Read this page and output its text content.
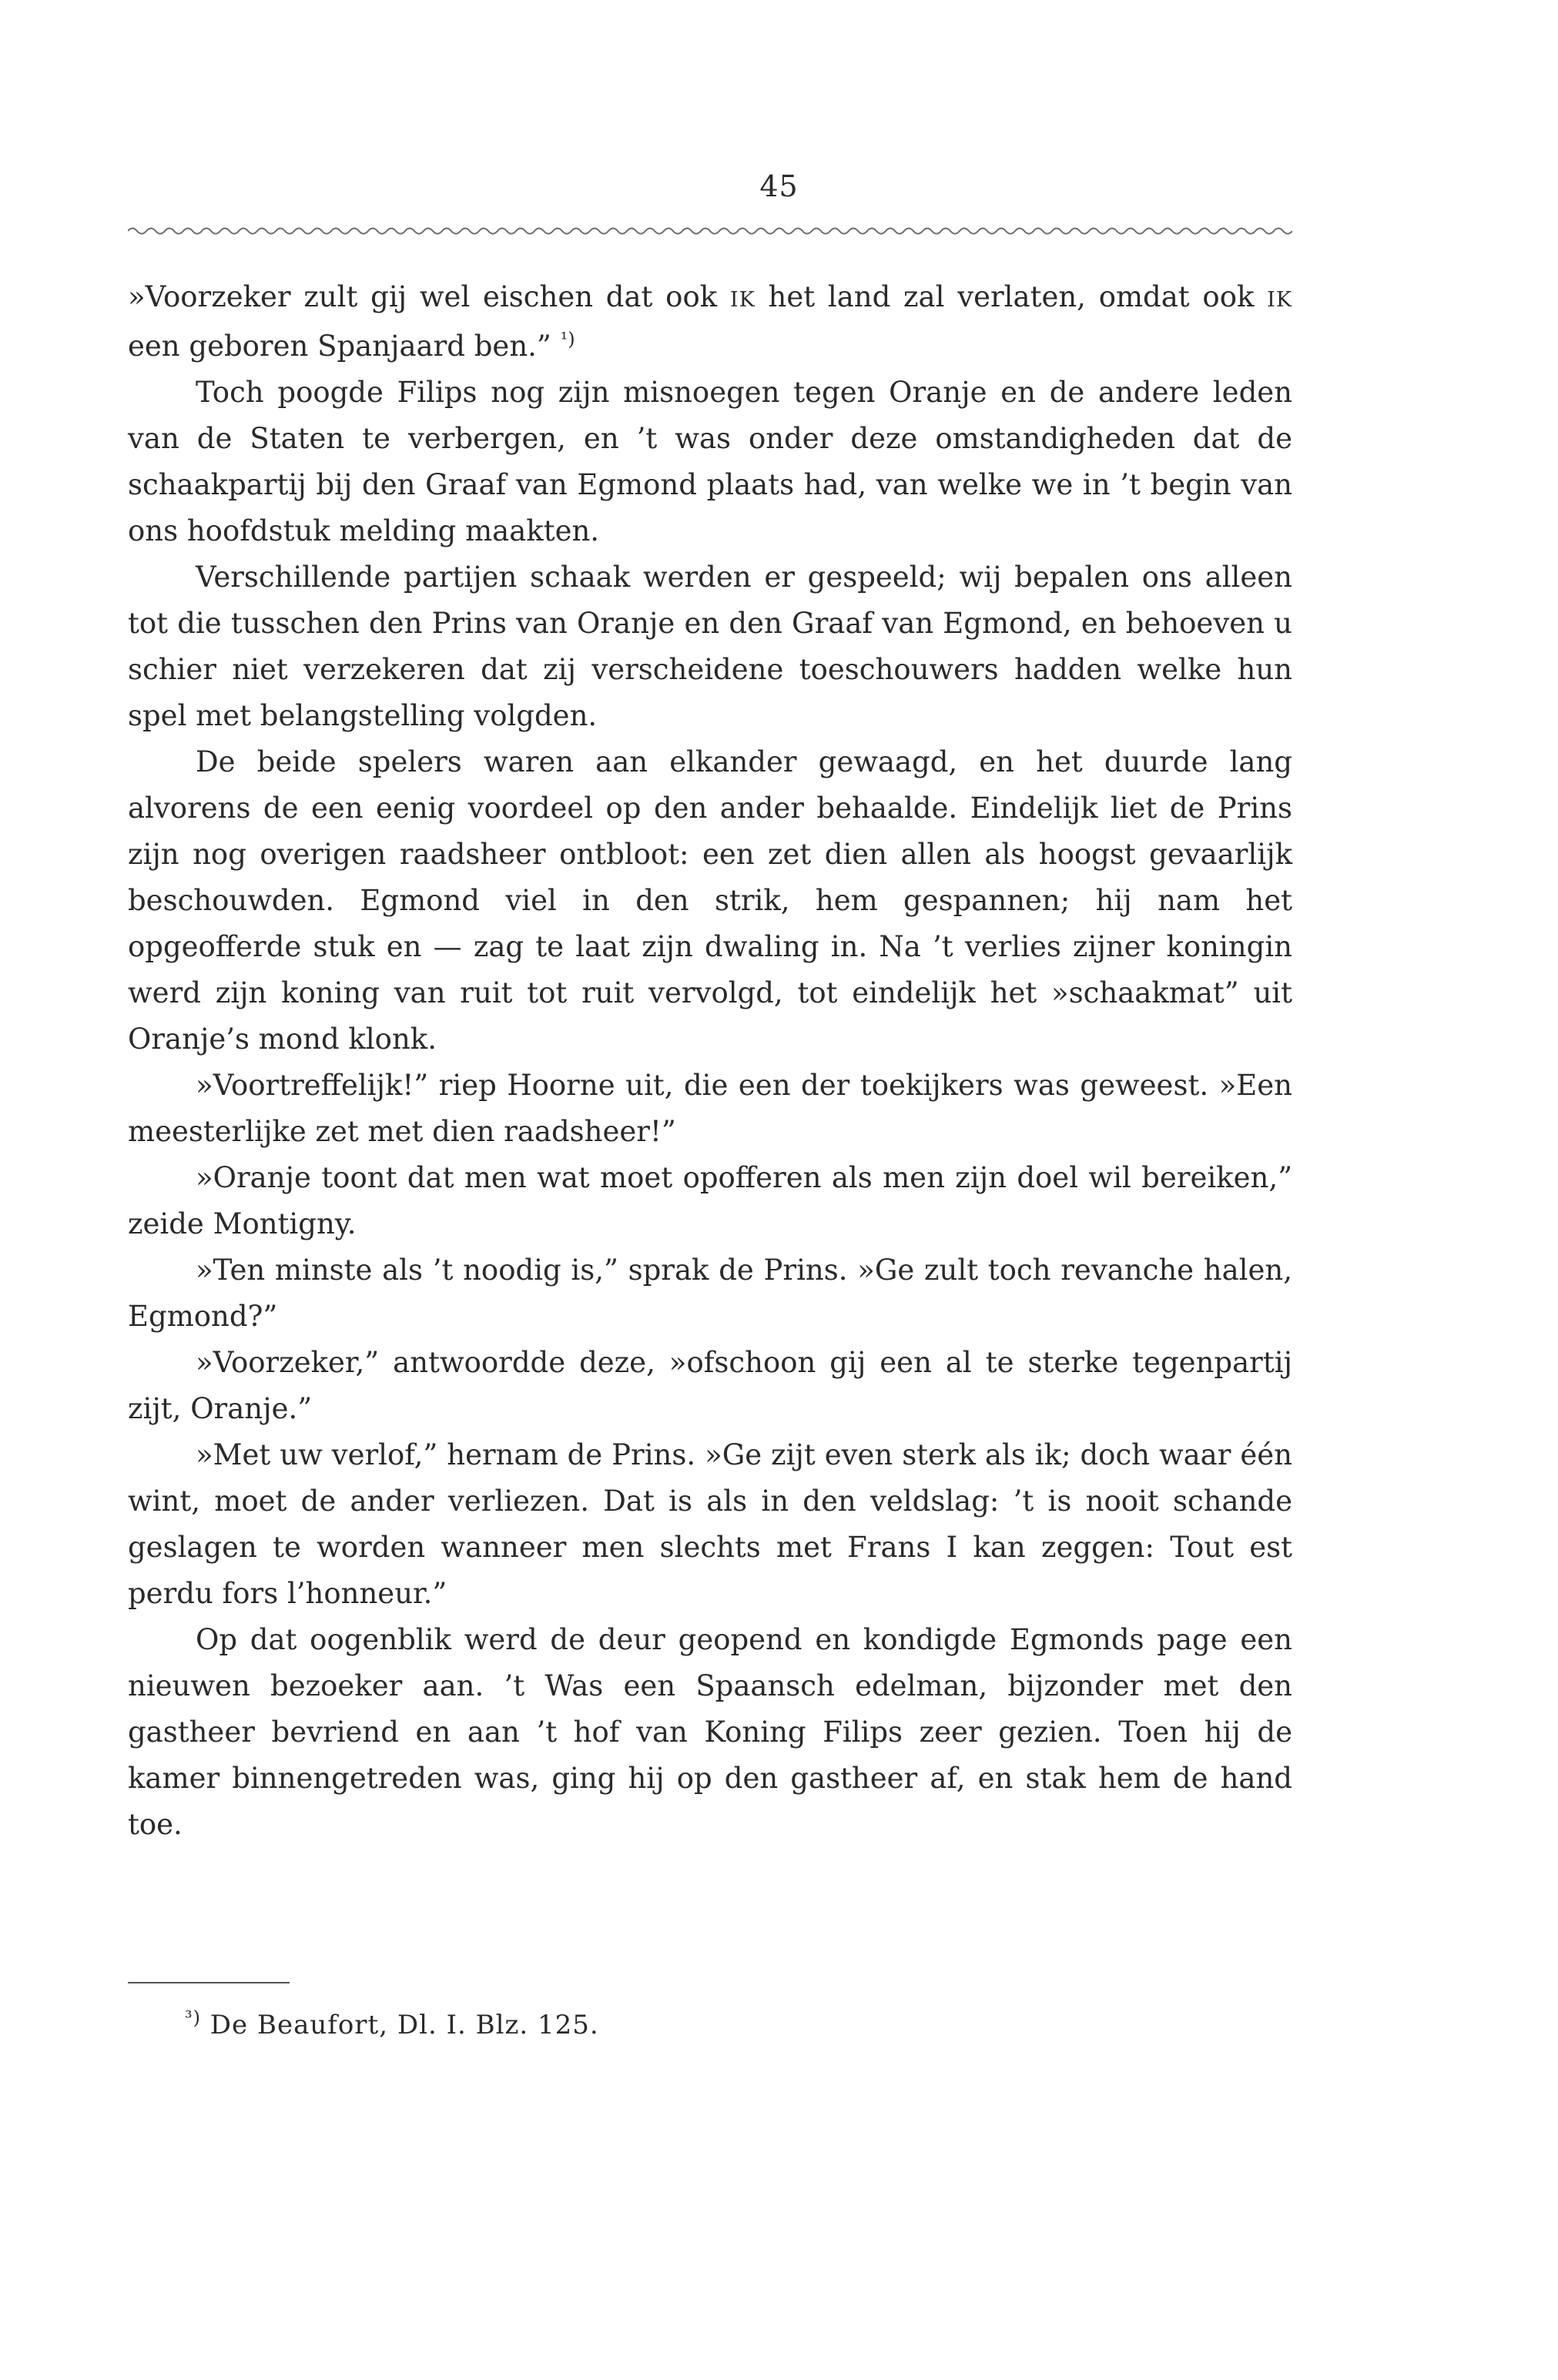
45

»Voorzeker zult gij wel eischen dat ook IK het land zal verlaten, omdat ook IK een geboren Spanjaard ben.” $^{^1)}$

Toch poogde Filips nog zijn misnoegen tegen Oranje en de andere leden van de Staten te verbergen, en ’t was onder deze omstandigheden dat de schaakpartij bij den Graaf van Egmond plaats had, van welke we in ’t begin van ons hoofdstuk melding maakten.

Verschillende partijen schaak werden er gespeeld; wij bepalen ons alleen tot die tusschen den Prins van Oranje en den Graaf van Egmond, en behoeven u schier niet verzekeren dat zij verscheidene toeschouwers hadden welke hun spel met belangstelling volgden.

De beide spelers waren aan elkander gewaagd, en het duurde lang alvorens de een eenig voordeel op den ander behaalde. Eindelijk liet de Prins zijn nog overigen raadsheer ontbloot: een zet dien allen als hoogst gevaarlijk beschouwden. Egmond viel in den strik, hem gespannen; hij nam het opgeofferde stuk en — zag te laat zijn dwaling in. Na ’t verlies zijner koningin werd zijn koning van ruit tot ruit vervolgd, tot eindelijk het »schaakmat” uit Oranje’s mond klonk.

»Voortreffelijk!” riep Hoorne uit, die een der toekijkers was geweest. »Een meesterlijke zet met dien raadsheer!”

»Oranje toont dat men wat moet opofferen als men zijn doel wil bereiken,” zeide Montigny.

»Ten minste als ’t noodig is,” sprak de Prins. »Ge zult toch revanche halen, Egmond?”

»Voorzeker,” antwoordde deze, »ofschoon gij een al te sterke tegenpartij zijt, Oranje.”

»Met uw verlof,” hernam de Prins. »Ge zijt even sterk als ik; doch waar één wint, moet de ander verliezen. Dat is als in den veldslag: ’t is nooit schande geslagen te worden wanneer men slechts met Frans I kan zeggen: Tout est perdu fors l’honneur.”

Op dat oogenblik werd de deur geopend en kondigde Egmonds page een nieuwen bezoeker aan. ’t Was een Spaansch edelman, bijzonder met den gastheer bevriend en aan ’t hof van Koning Filips zeer gezien. Toen hij de kamer binnengetreden was, ging hij op den gastheer af, en stak hem de hand toe.

$^{^3)}$ De Beaufort, Dl. I. Blz. 125.
